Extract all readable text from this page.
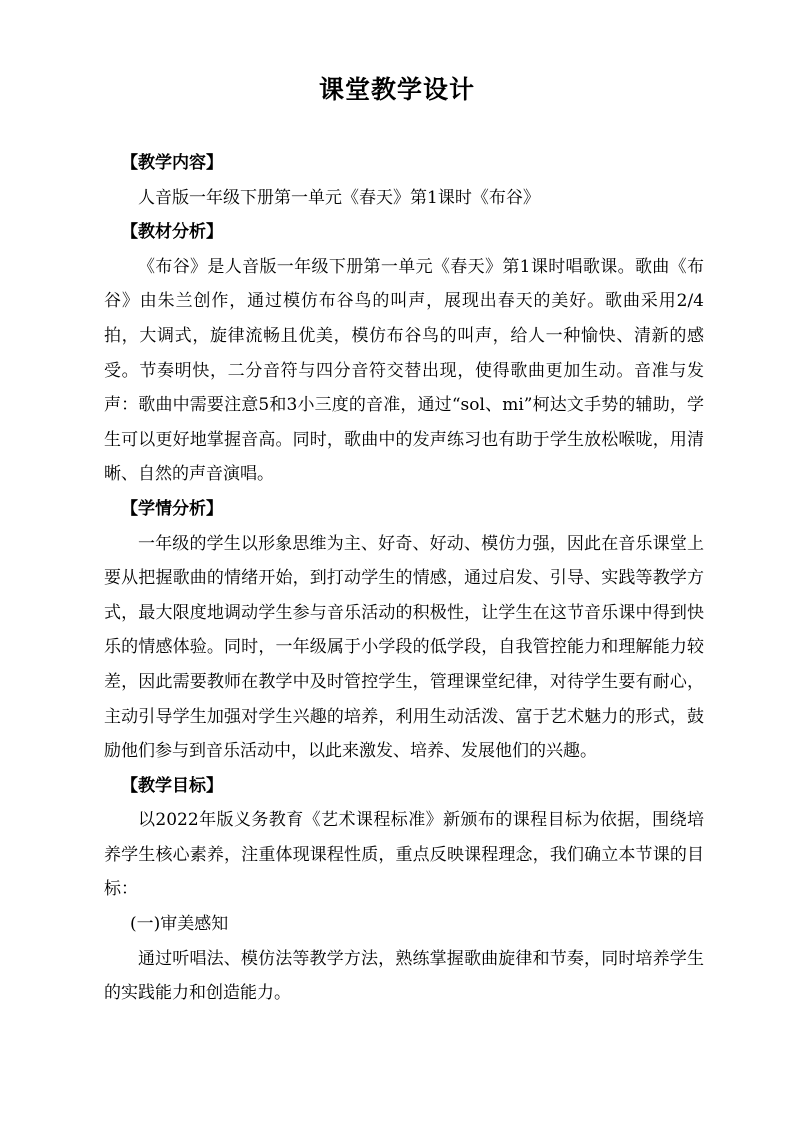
课堂教学设计
【教学内容】

人音版一年级下册第一单元《春天》第1课时《布谷》

【教材分析】

《布谷》是人音版一年级下册第一单元《春天》第1课时唱歌课。歌曲《布谷》由朱兰创作，通过模仿布谷鸟的叫声，展现出春天的美好。歌曲采用2/4拍，大调式，旋律流畅且优美，模仿布谷鸟的叫声，给人一种愉快、清新的感受。节奏明快，二分音符与四分音符交替出现，使得歌曲更加生动。音准与发声：歌曲中需要注意5和3小三度的音准，通过“sol、mi”柯达文手势的辅助，学生可以更好地掌握音高。同时，歌曲中的发声练习也有助于学生放松喉咙，用清晰、自然的声音演唱。

【学情分析】

一年级的学生以形象思维为主、好奇、好动、模仿力强，因此在音乐课堂上要从把握歌曲的情绪开始，到打动学生的情感，通过启发、引导、实践等教学方式，最大限度地调动学生参与音乐活动的积极性，让学生在这节音乐课中得到快乐的情感体验。同时，一年级属于小学段的低学段，自我管控能力和理解能力较差，因此需要教师在教学中及时管控学生，管理课堂纪律，对待学生要有耐心，主动引导学生加强对学生兴趣的培养，利用生动活泼、富于艺术魅力的形式，鼓励他们参与到音乐活动中，以此来激发、培养、发展他们的兴趣。

【教学目标】

以2022年版义务教育《艺术课程标准》新颁布的课程目标为依据，围绕培养学生核心素养，注重体现课程性质，重点反映课程理念，我们确立本节课的目标：

(一)审美感知

通过听唱法、模仿法等教学方法，熟练掌握歌曲旋律和节奏，同时培养学生的实践能力和创造能力。
